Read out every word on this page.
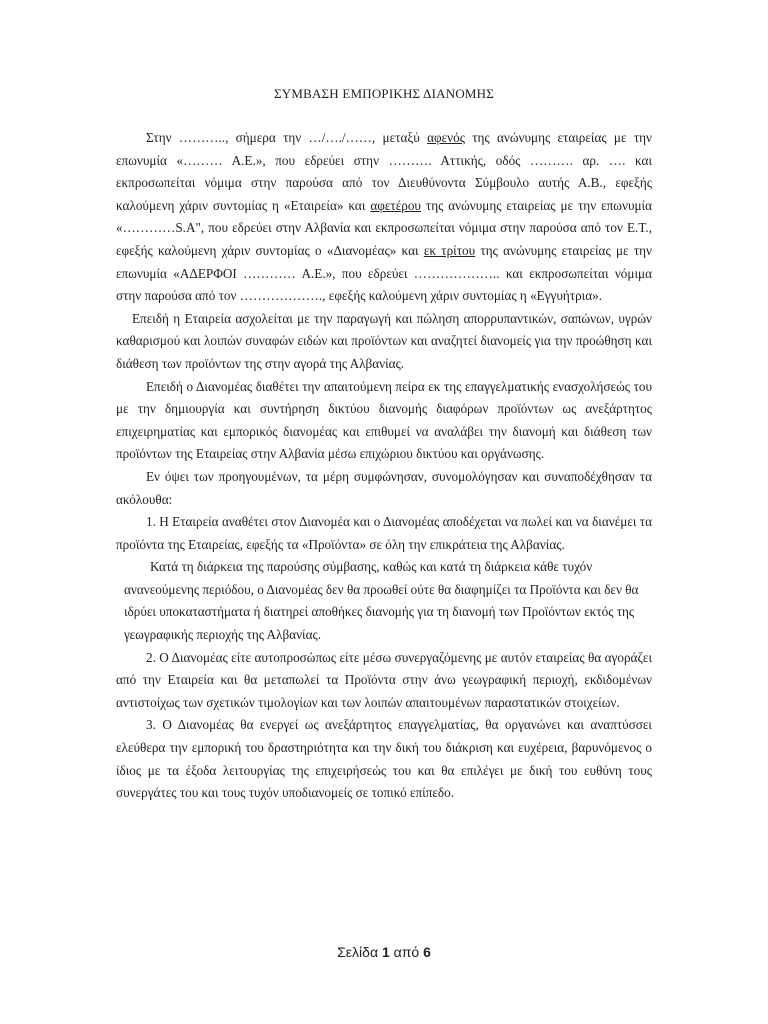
ΣΥΜΒΑΣΗ ΕΜΠΟΡΙΚΗΣ ΔΙΑΝΟΜΗΣ

Στην ……….., σήμερα την …/…./……, μεταξύ αφενός της ανώνυμης εταιρείας με την επωνυμία «……… Α.Ε.», που εδρεύει στην ………. Αττικής, οδός ………. αρ. …. και εκπροσωπείται νόμιμα στην παρούσα από τον Διευθύνοντα Σύμβουλο αυτής Α.Β., εφεξής καλούμενη χάριν συντομίας η «Εταιρεία» και αφετέρου της ανώνυμης εταιρείας με την επωνυμία «…………S.A", που εδρεύει στην Αλβανία και εκπροσωπείται νόμιμα στην παρούσα από τον Ε.Τ., εφεξής καλούμενη χάριν συντομίας ο «Διανομέας» και εκ τρίτου της ανώνυμης εταιρείας με την επωνυμία «ΑΔΕΡΦΟΙ ………… Α.Ε.», που εδρεύει ……………….. και εκπροσωπείται νόμιμα στην παρούσα από τον ………………., εφεξής καλούμενη χάριν συντομίας η «Εγγυήτρια».

Επειδή η Εταιρεία ασχολείται με την παραγωγή και πώληση απορρυπαντικών, σαπώνων, υγρών καθαρισμού και λοιπών συναφών ειδών και προϊόντων και αναζητεί διανομείς για την προώθηση και διάθεση των προϊόντων της στην αγορά της Αλβανίας.

Επειδή ο Διανομέας διαθέτει την απαιτούμενη πείρα εκ της επαγγελματικής ενασχολήσεώς του με την δημιουργία και συντήρηση δικτύου διανομής διαφόρων προϊόντων ως ανεξάρτητος επιχειρηματίας και εμπορικός διανομέας και επιθυμεί να αναλάβει την διανομή και διάθεση των προϊόντων της Εταιρείας στην Αλβανία μέσω επιχώριου δικτύου και οργάνωσης.

Εν όψει των προηγουμένων, τα μέρη συμφώνησαν, συνομολόγησαν και συναποδέχθησαν τα ακόλουθα:

1. Η Εταιρεία αναθέτει στον Διανομέα και ο Διανομέας αποδέχεται να πωλεί και να διανέμει τα προϊόντα της Εταιρείας, εφεξής τα «Προϊόντα» σε όλη την επικράτεια της Αλβανίας.

Κατά τη διάρκεια της παρούσης σύμβασης, καθώς και κατά τη διάρκεια κάθε τυχόν ανανεούμενης περιόδου, ο Διανομέας δεν θα προωθεί ούτε θα διαφημίζει τα Προϊόντα και δεν θα ιδρύει υποκαταστήματα ή διατηρεί αποθήκες διανομής για τη διανομή των Προϊόντων εκτός της γεωγραφικής περιοχής της Αλβανίας.

2. Ο Διανομέας είτε αυτοπροσώπως είτε μέσω συνεργαζόμενης με αυτόν εταιρείας θα αγοράζει από την Εταιρεία και θα μεταπωλεί τα Προϊόντα στην άνω γεωγραφική περιοχή, εκδιδομένων αντιστοίχως των σχετικών τιμολογίων και των λοιπών απαιτουμένων παραστατικών στοιχείων.

3. Ο Διανομέας θα ενεργεί ως ανεξάρτητος επαγγελματίας, θα οργανώνει και αναπτύσσει ελεύθερα την εμπορική του δραστηριότητα και την δική του διάκριση και ευχέρεια, βαρυνόμενος ο ίδιος με τα έξοδα λειτουργίας της επιχειρήσεώς του και θα επιλέγει με δική του ευθύνη τους συνεργάτες του και τους τυχόν υποδιανομείς σε τοπικό επίπεδο.

Σελίδα 1 από 6
